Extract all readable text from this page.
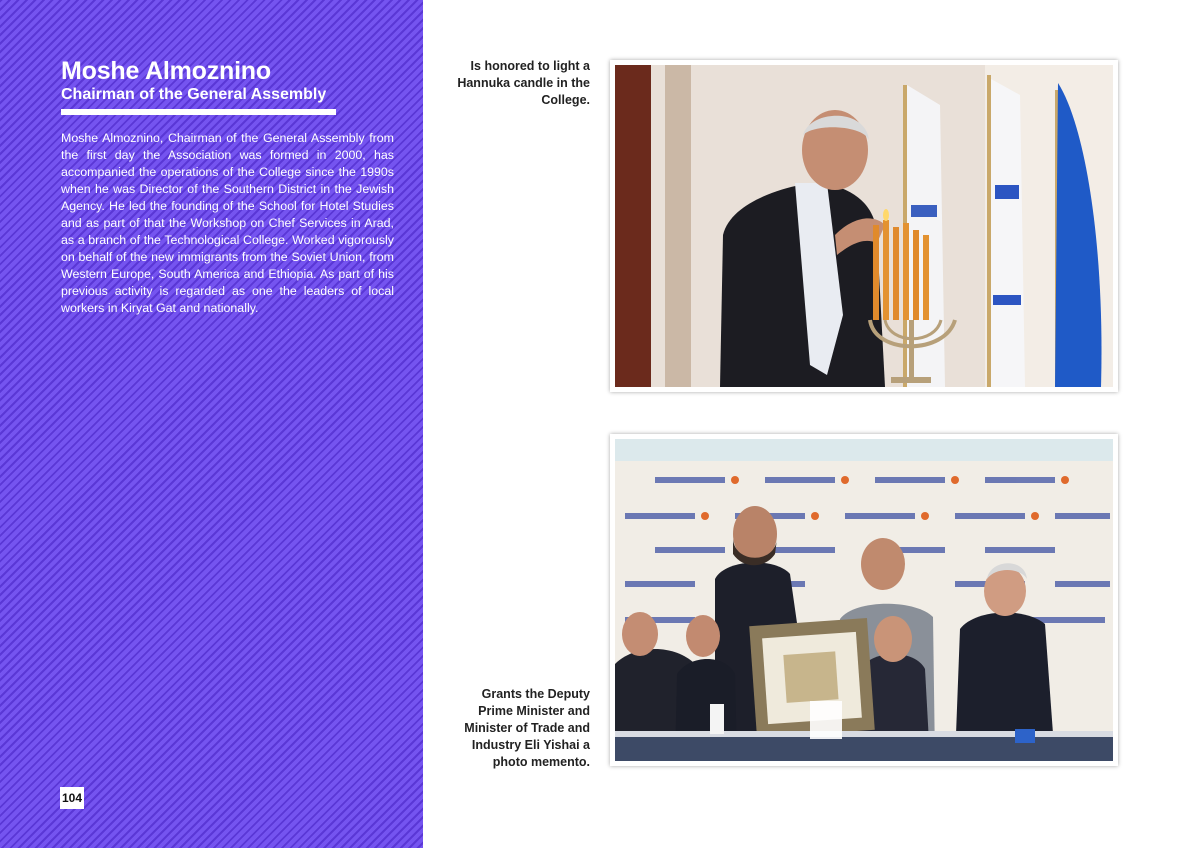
Moshe Almoznino
Chairman of the General Assembly

Moshe Almoznino, Chairman of the General Assembly from the first day the Association was formed in 2000, has accompanied the operations of the College since the 1990s when he was Director of the Southern District in the Jewish Agency. He led the founding of the School for Hotel Studies and as part of that the Workshop on Chef Services in Arad, as a branch of the Technological College. Worked vigorously on behalf of the new immigrants from the Soviet Union, from Western Europe, South America and Ethiopia. As part of his previous activity is regarded as one the leaders of local workers in Kiryat Gat and nationally.

104

Is honored to light a Hannuka candle in the College.

Grants the Deputy Prime Minister and Minister of Trade and Industry Eli Yishai a photo memento.
